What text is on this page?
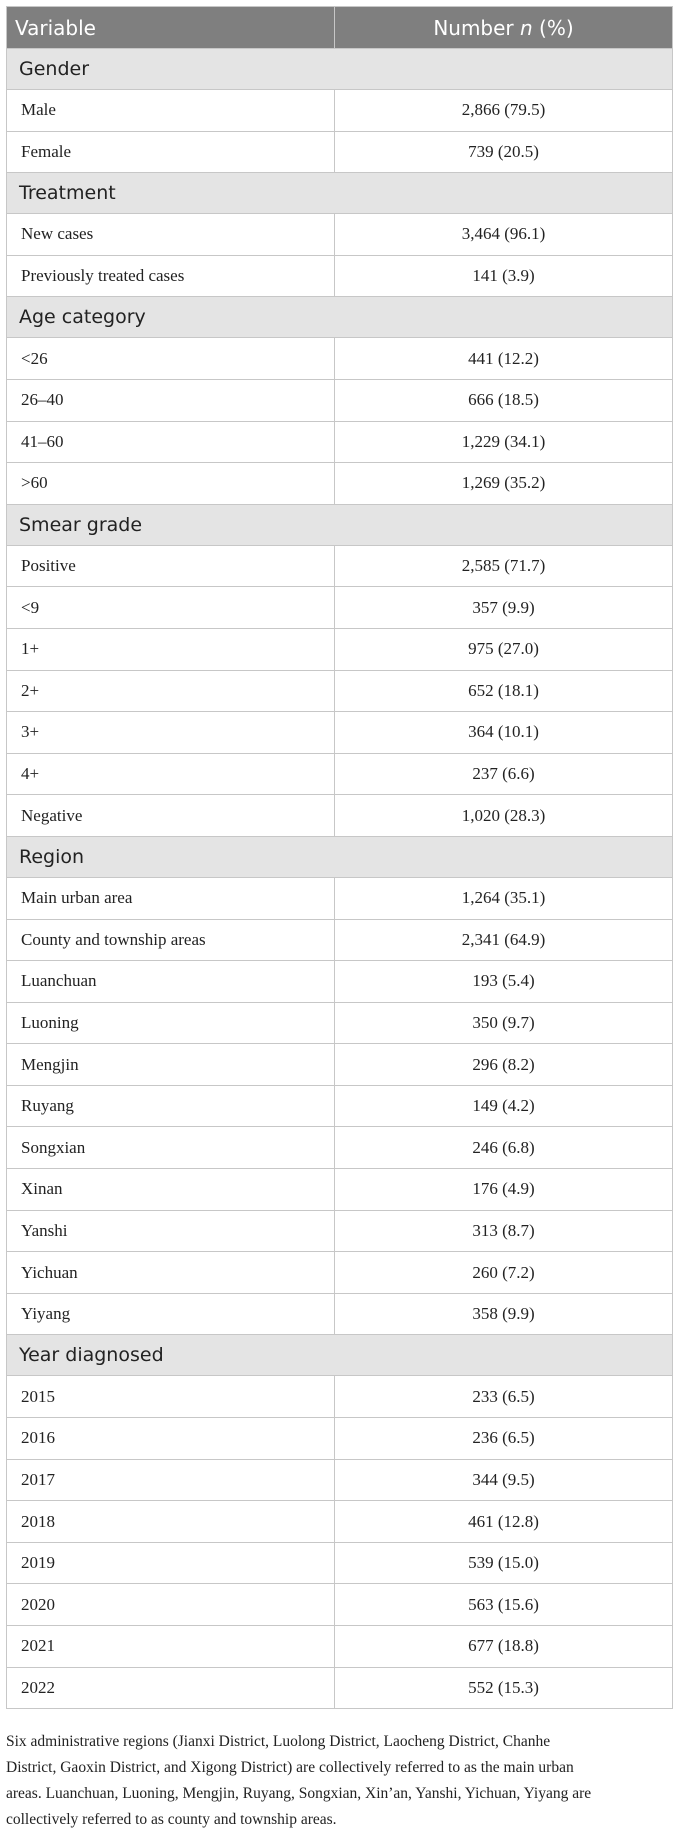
Variable	Number n (%)
Gender	
Male	2,866 (79.5)
Female	739 (20.5)
Treatment	
New cases	3,464 (96.1)
Previously treated cases	141 (3.9)
Age category	
<26	441 (12.2)
26–40	666 (18.5)
41–60	1,229 (34.1)
>60	1,269 (35.2)
Smear grade	
Positive	2,585 (71.7)
<9	357 (9.9)
1+	975 (27.0)
2+	652 (18.1)
3+	364 (10.1)
4+	237 (6.6)
Negative	1,020 (28.3)
Region	
Main urban area	1,264 (35.1)
County and township areas	2,341 (64.9)
Luanchuan	193 (5.4)
Luoning	350 (9.7)
Mengjin	296 (8.2)
Ruyang	149 (4.2)
Songxian	246 (6.8)
Xinan	176 (4.9)
Yanshi	313 (8.7)
Yichuan	260 (7.2)
Yiyang	358 (9.9)
Year diagnosed	
2015	233 (6.5)
2016	236 (6.5)
2017	344 (9.5)
2018	461 (12.8)
2019	539 (15.0)
2020	563 (15.6)
2021	677 (18.8)
2022	552 (15.3)
Six administrative regions (Jianxi District, Luolong District, Laocheng District, Chanhe
District, Gaoxin District, and Xigong District) are collectively referred to as the main urban
areas. Luanchuan, Luoning, Mengjin, Ruyang, Songxian, Xin’an, Yanshi, Yichuan, Yiyang are
collectively referred to as county and township areas.
